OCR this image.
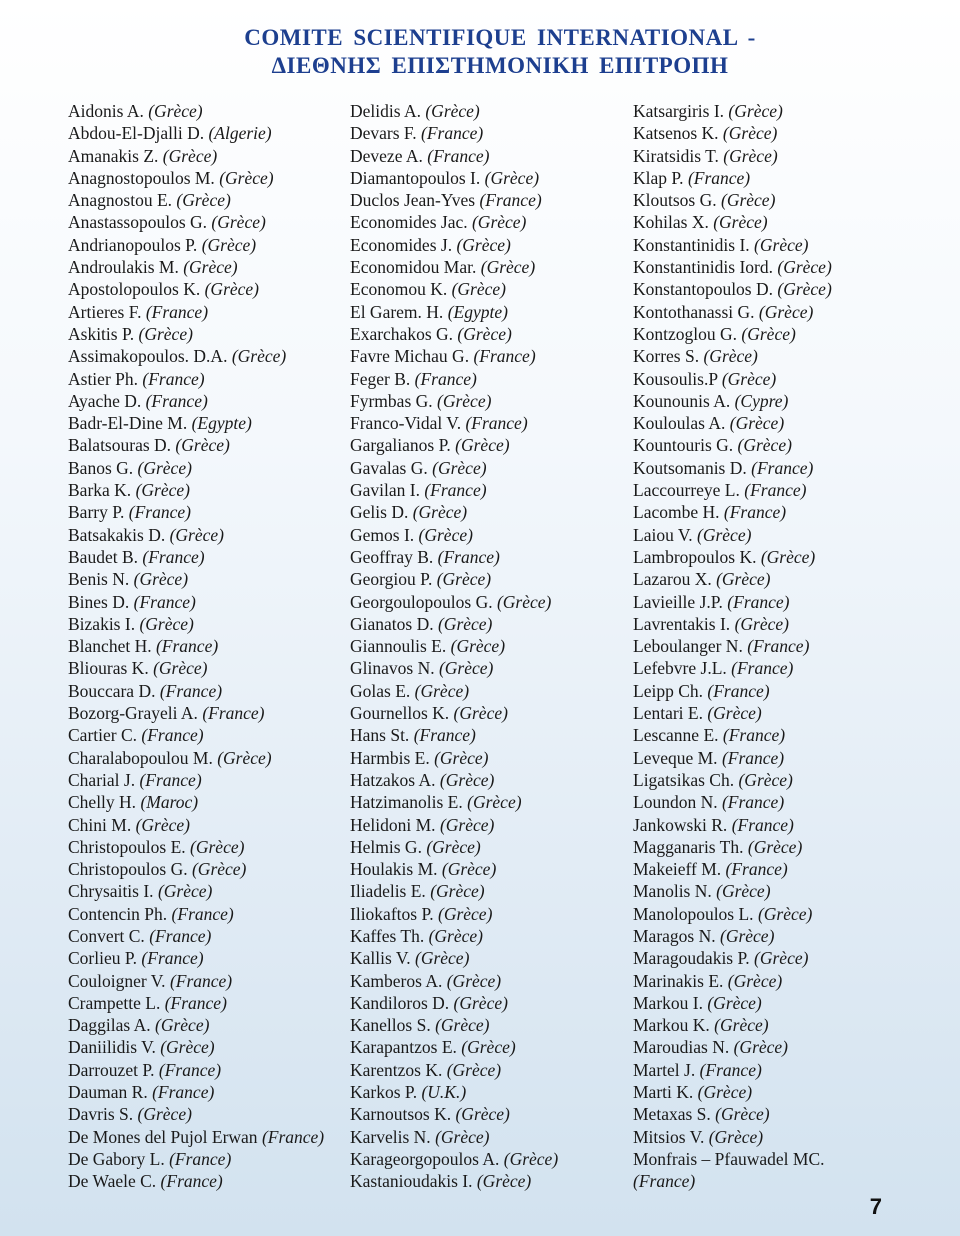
COMITE SCIENTIFIQUE INTERNATIONAL -
ΔΙΕΘΝΗΣ ΕΠΙΣΤΗΜΟΝΙΚΗ ΕΠΙΤΡΟΠΗ
Aidonis A. (Grèce)
Abdou-El-Djalli D. (Algerie)
Amanakis Z. (Grèce)
Anagnostopoulos M. (Grèce)
Anagnostou E. (Grèce)
Anastassopoulos G. (Grèce)
Andrianopoulos P. (Grèce)
Androulakis M. (Grèce)
Apostolopoulos K. (Grèce)
Artieres F. (France)
Askitis P. (Grèce)
Assimakopoulos. D.A. (Grèce)
Astier Ph. (France)
Ayache D. (France)
Badr-El-Dine M. (Egypte)
Balatsouras D. (Grèce)
Banos G. (Grèce)
Barka K. (Grèce)
Barry P. (France)
Batsakakis D. (Grèce)
Baudet B. (France)
Benis N. (Grèce)
Bines D. (France)
Bizakis I. (Grèce)
Blanchet H. (France)
Bliouras K. (Grèce)
Bouccara D. (France)
Bozorg-Grayeli A. (France)
Cartier C. (France)
Charalabopoulou M. (Grèce)
Charial J. (France)
Chelly H. (Maroc)
Chini M. (Grèce)
Christopoulos E. (Grèce)
Christopoulos G. (Grèce)
Chrysaitis I. (Grèce)
Contencin Ph. (France)
Convert C. (France)
Corlieu P. (France)
Couloigner V. (France)
Crampette L. (France)
Daggilas A. (Grèce)
Daniilidis V. (Grèce)
Darrouzet P. (France)
Dauman R. (France)
Davris S. (Grèce)
De Mones del Pujol Erwan (France)
De Gabory L. (France)
De Waele C. (France)
Delidis A. (Grèce)
Devars F. (France)
Deveze A. (France)
Diamantopoulos I. (Grèce)
Duclos Jean-Yves (France)
Economides Jac. (Grèce)
Economides J. (Grèce)
Economidou Mar. (Grèce)
Economou K. (Grèce)
El Garem. H. (Egypte)
Exarchakos G. (Grèce)
Favre Michau G. (France)
Feger B. (France)
Fyrmbas G. (Grèce)
Franco-Vidal V. (France)
Gargalianos P. (Grèce)
Gavalas G. (Grèce)
Gavilan I. (France)
Gelis D. (Grèce)
Gemos I. (Grèce)
Geoffray B. (France)
Georgiou P. (Grèce)
Georgoulopoulos G. (Grèce)
Gianatos D. (Grèce)
Giannoulis E. (Grèce)
Glinavos N. (Grèce)
Golas E. (Grèce)
Gournellos K. (Grèce)
Hans St. (France)
Harmbis E. (Grèce)
Hatzakos A. (Grèce)
Hatzimanolis E. (Grèce)
Helidoni M. (Grèce)
Helmis G. (Grèce)
Houlakis M. (Grèce)
Iliadelis E. (Grèce)
Iliokaftos P. (Grèce)
Kaffes Th. (Grèce)
Kallis V. (Grèce)
Kamberos A. (Grèce)
Kandiloros D. (Grèce)
Kanellos S. (Grèce)
Karapantzos E. (Grèce)
Karentzos K. (Grèce)
Karkos P. (U.K.)
Karnoutsos K. (Grèce)
Karvelis N. (Grèce)
Karageorgopoulos A. (Grèce)
Kastanioudakis I. (Grèce)
Katsargiris I. (Grèce)
Katsenos K. (Grèce)
Kiratsidis T. (Grèce)
Klap P. (France)
Kloutsos G. (Grèce)
Kohilas X. (Grèce)
Konstantinidis I. (Grèce)
Konstantinidis Iord. (Grèce)
Konstantopoulos D. (Grèce)
Kontothanassi G. (Grèce)
Kontzoglou G. (Grèce)
Korres S. (Grèce)
Kousoulis.P (Grèce)
Kounounis A. (Cypre)
Kouloulas A. (Grèce)
Kountouris G. (Grèce)
Koutsomanis D. (France)
Laccourreye L. (France)
Lacombe H. (France)
Laiou V. (Grèce)
Lambropoulos K. (Grèce)
Lazarou X. (Grèce)
Lavieille J.P. (France)
Lavrentakis I. (Grèce)
Leboulanger N. (France)
Lefebvre J.L. (France)
Leipp Ch. (France)
Lentari E. (Grèce)
Lescanne E. (France)
Leveque M. (France)
Ligatsikas Ch. (Grèce)
Loundon N. (France)
Jankowski R. (France)
Magganaris Th. (Grèce)
Makeieff M. (France)
Manolis N. (Grèce)
Manolopoulos L. (Grèce)
Maragos N. (Grèce)
Maragoudakis P. (Grèce)
Marinakis E. (Grèce)
Markou I. (Grèce)
Markou K. (Grèce)
Maroudias N. (Grèce)
Martel J. (France)
Marti K. (Grèce)
Metaxas S. (Grèce)
Mitsios V. (Grèce)
Monfrais – Pfauwadel MC.
(France)
7
